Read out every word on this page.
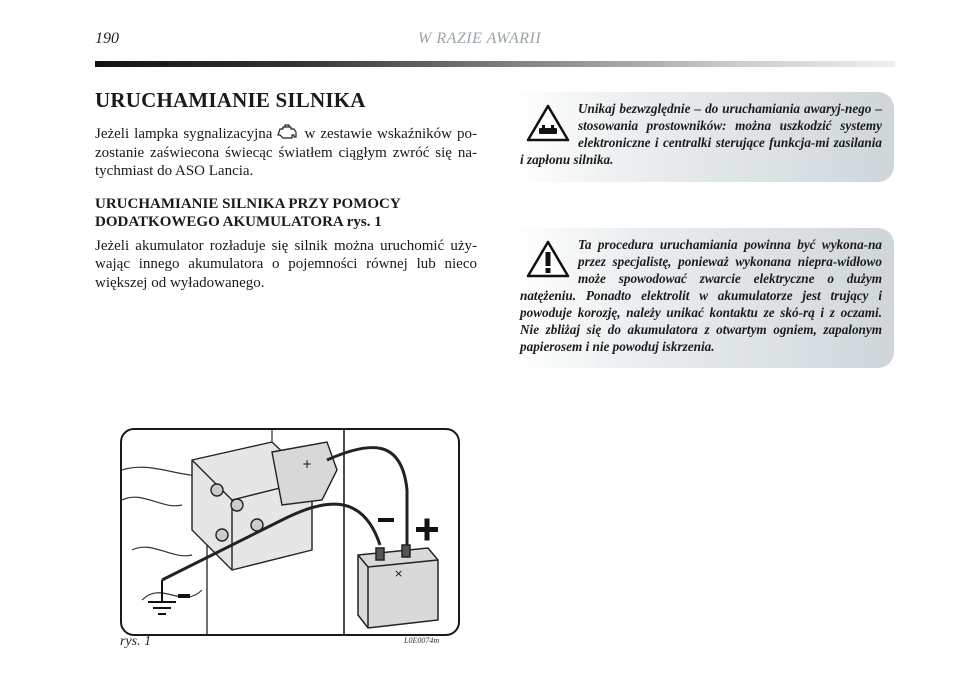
190	W RAZIE AWARII
URUCHAMIANIE SILNIKA

Jeżeli lampka sygnalizacyjna w zestawie wskaźników po-zostanie zaświecona świecąc światłem ciągłym zwróć się na-tychmiast do ASO Lancia.

URUCHAMIANIE SILNIKA PRZY POMOCY DODATKOWEGO AKUMULATORA rys. 1

Jeżeli akumulator rozładuje się silnik można uruchomić uży-wając innego akumulatora o pojemności równej lub nieco większej od wyładowanego.

Unikaj bezwzględnie – do uruchamiania awaryj-nego – stosowania prostowników: można uszkodzić systemy elektroniczne i centralki sterujące funkcja-mi zasilania i zapłonu silnika.

Ta procedura uruchamiania powinna być wykona-na przez specjalistę, ponieważ wykonana niepra-widłowo może spowodować zwarcie elektryczne o dużym natężeniu. Ponadto elektrolit w akumulatorze jest trujący i powoduje korozję, należy unikać kontaktu ze skó-rą i z oczami. Nie zbliżaj się do akumulatora z otwartym ogniem, zapalonym papierosem i nie powoduj iskrzenia.

+
×
rys. 1	L0E0074m
